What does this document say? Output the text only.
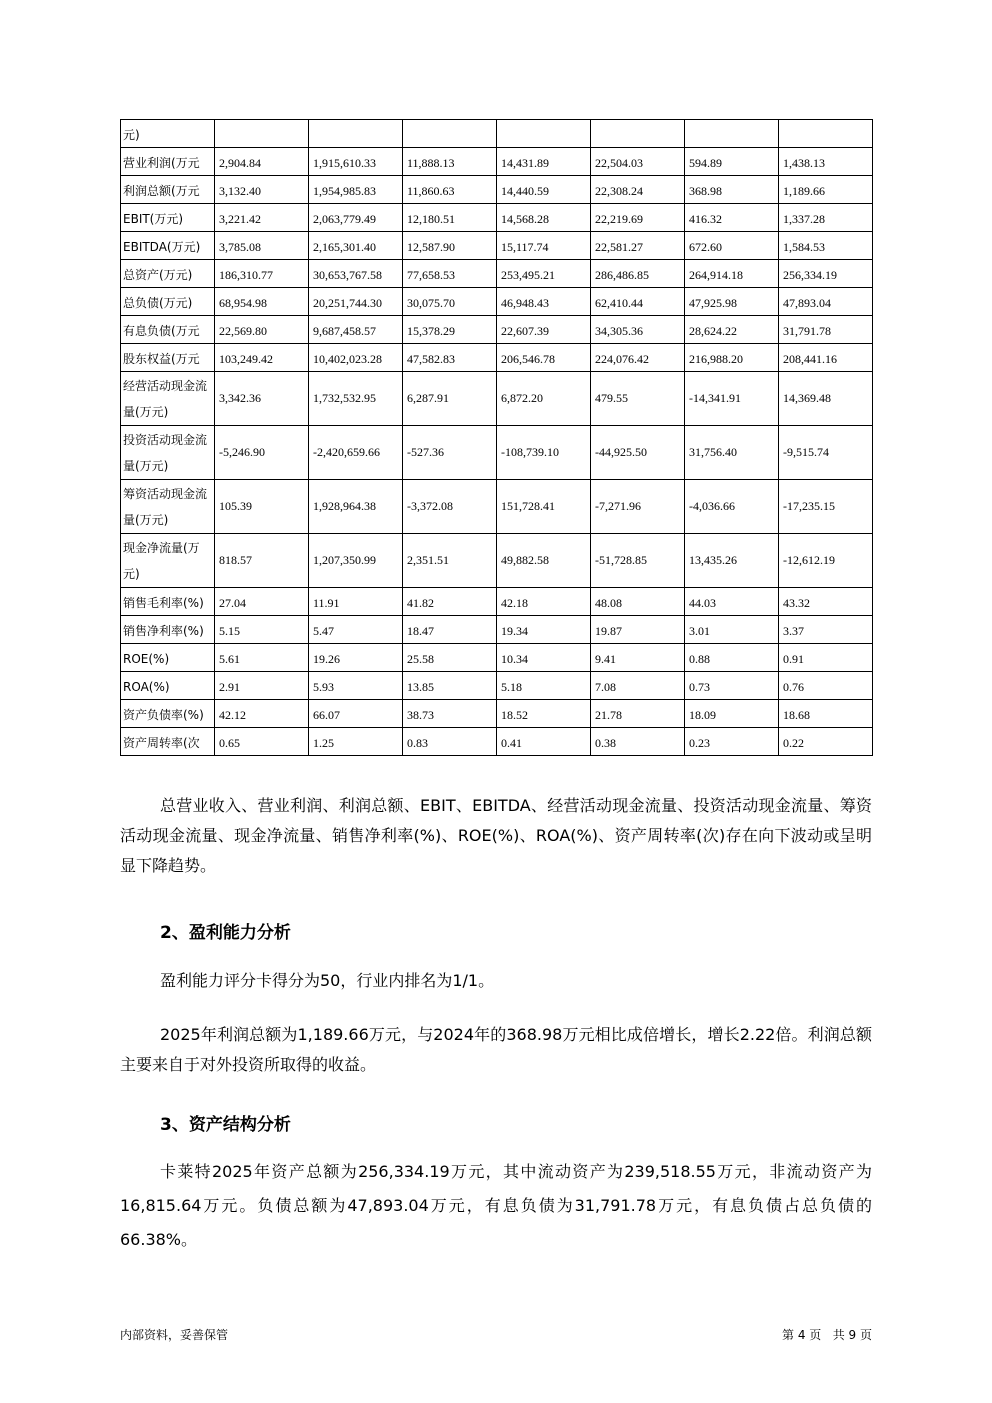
元)							
营业利润(万元	2,904.84	1,915,610.33	11,888.13	14,431.89	22,504.03	594.89	1,438.13
利润总额(万元	3,132.40	1,954,985.83	11,860.63	14,440.59	22,308.24	368.98	1,189.66
EBIT(万元)	3,221.42	2,063,779.49	12,180.51	14,568.28	22,219.69	416.32	1,337.28
EBITDA(万元)	3,785.08	2,165,301.40	12,587.90	15,117.74	22,581.27	672.60	1,584.53
总资产(万元)	186,310.77	30,653,767.58	77,658.53	253,495.21	286,486.85	264,914.18	256,334.19
总负债(万元)	68,954.98	20,251,744.30	30,075.70	46,948.43	62,410.44	47,925.98	47,893.04
有息负债(万元	22,569.80	9,687,458.57	15,378.29	22,607.39	34,305.36	28,624.22	31,791.78
股东权益(万元	103,249.42	10,402,023.28	47,582.83	206,546.78	224,076.42	216,988.20	208,441.16
经营活动现金流量(万元)	3,342.36	1,732,532.95	6,287.91	6,872.20	479.55	-14,341.91	14,369.48
投资活动现金流量(万元)	-5,246.90	-2,420,659.66	-527.36	-108,739.10	-44,925.50	31,756.40	-9,515.74
筹资活动现金流量(万元)	105.39	1,928,964.38	-3,372.08	151,728.41	-7,271.96	-4,036.66	-17,235.15
现金净流量(万元)	818.57	1,207,350.99	2,351.51	49,882.58	-51,728.85	13,435.26	-12,612.19
销售毛利率(%)	27.04	11.91	41.82	42.18	48.08	44.03	43.32
销售净利率(%)	5.15	5.47	18.47	19.34	19.87	3.01	3.37
ROE(%)	5.61	19.26	25.58	10.34	9.41	0.88	0.91
ROA(%)	2.91	5.93	13.85	5.18	7.08	0.73	0.76
资产负债率(%)	42.12	66.07	38.73	18.52	21.78	18.09	18.68
资产周转率(次	0.65	1.25	0.83	0.41	0.38	0.23	0.22
总营业收入、营业利润、利润总额、EBIT、EBITDA、经营活动现金流量、投资活动现金流量、筹资活动现金流量、现金净流量、销售净利率(%)、ROE(%)、ROA(%)、资产周转率(次)存在向下波动或呈明显下降趋势。
2、盈利能力分析
盈利能力评分卡得分为50，行业内排名为1/1。
2025年利润总额为1,189.66万元，与2024年的368.98万元相比成倍增长，增长2.22倍。利润总额主要来自于对外投资所取得的收益。
3、资产结构分析
卡莱特2025年资产总额为256,334.19万元，其中流动资产为239,518.55万元，非流动资产为16,815.64万元。负债总额为47,893.04万元，有息负债为31,791.78万元，有息负债占总负债的66.38%。
内部资料，妥善保管	第 4 页   共 9 页
